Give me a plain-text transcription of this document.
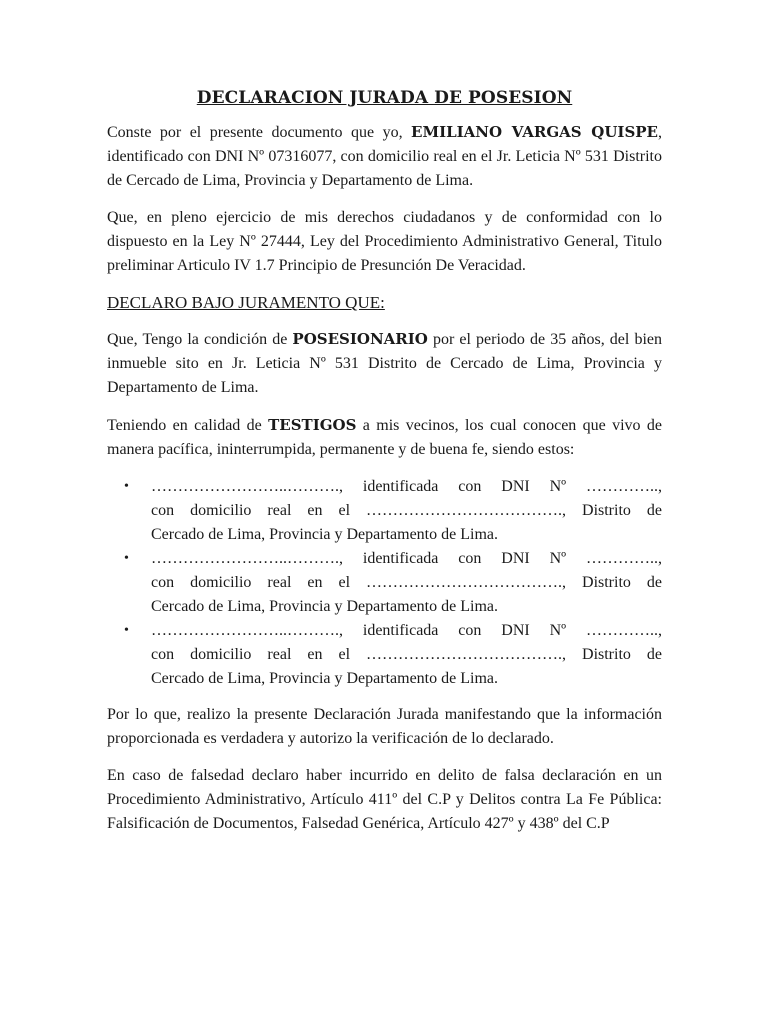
DECLARACION JURADA DE POSESION

Conste por el presente documento que yo, EMILIANO VARGAS QUISPE, identificado con DNI Nº 07316077, con domicilio real en el Jr. Leticia Nº 531 Distrito de Cercado de Lima, Provincia y Departamento de Lima.

Que, en pleno ejercicio de mis derechos ciudadanos y de conformidad con lo dispuesto en la Ley Nº 27444, Ley del Procedimiento Administrativo General, Titulo preliminar Articulo IV 1.7 Principio de Presunción De Veracidad.

DECLARO BAJO JURAMENTO QUE:

Que, Tengo la condición de POSESIONARIO por el periodo de 35 años, del bien inmueble sito en Jr. Leticia Nº 531 Distrito de Cercado de Lima, Provincia y Departamento de Lima.

Teniendo en calidad de TESTIGOS a mis vecinos, los cual conocen que vivo de manera pacífica, ininterrumpida, permanente y de buena fe, siendo estos:

• ……………………..………., identificada con DNI Nº …………..,
con domicilio real en el ………………………………., Distrito de
Cercado de Lima, Provincia y Departamento de Lima.
• ……………………..………., identificada con DNI Nº …………..,
con domicilio real en el ………………………………., Distrito de
Cercado de Lima, Provincia y Departamento de Lima.
• ……………………..………., identificada con DNI Nº …………..,
con domicilio real en el ………………………………., Distrito de
Cercado de Lima, Provincia y Departamento de Lima.

Por lo que, realizo la presente Declaración Jurada manifestando que la información proporcionada es verdadera y autorizo la verificación de lo declarado.

En caso de falsedad declaro haber incurrido en delito de falsa declaración en un Procedimiento Administrativo, Artículo 411º del C.P y Delitos contra La Fe Pública: Falsificación de Documentos, Falsedad Genérica, Artículo 427º y 438º del C.P
